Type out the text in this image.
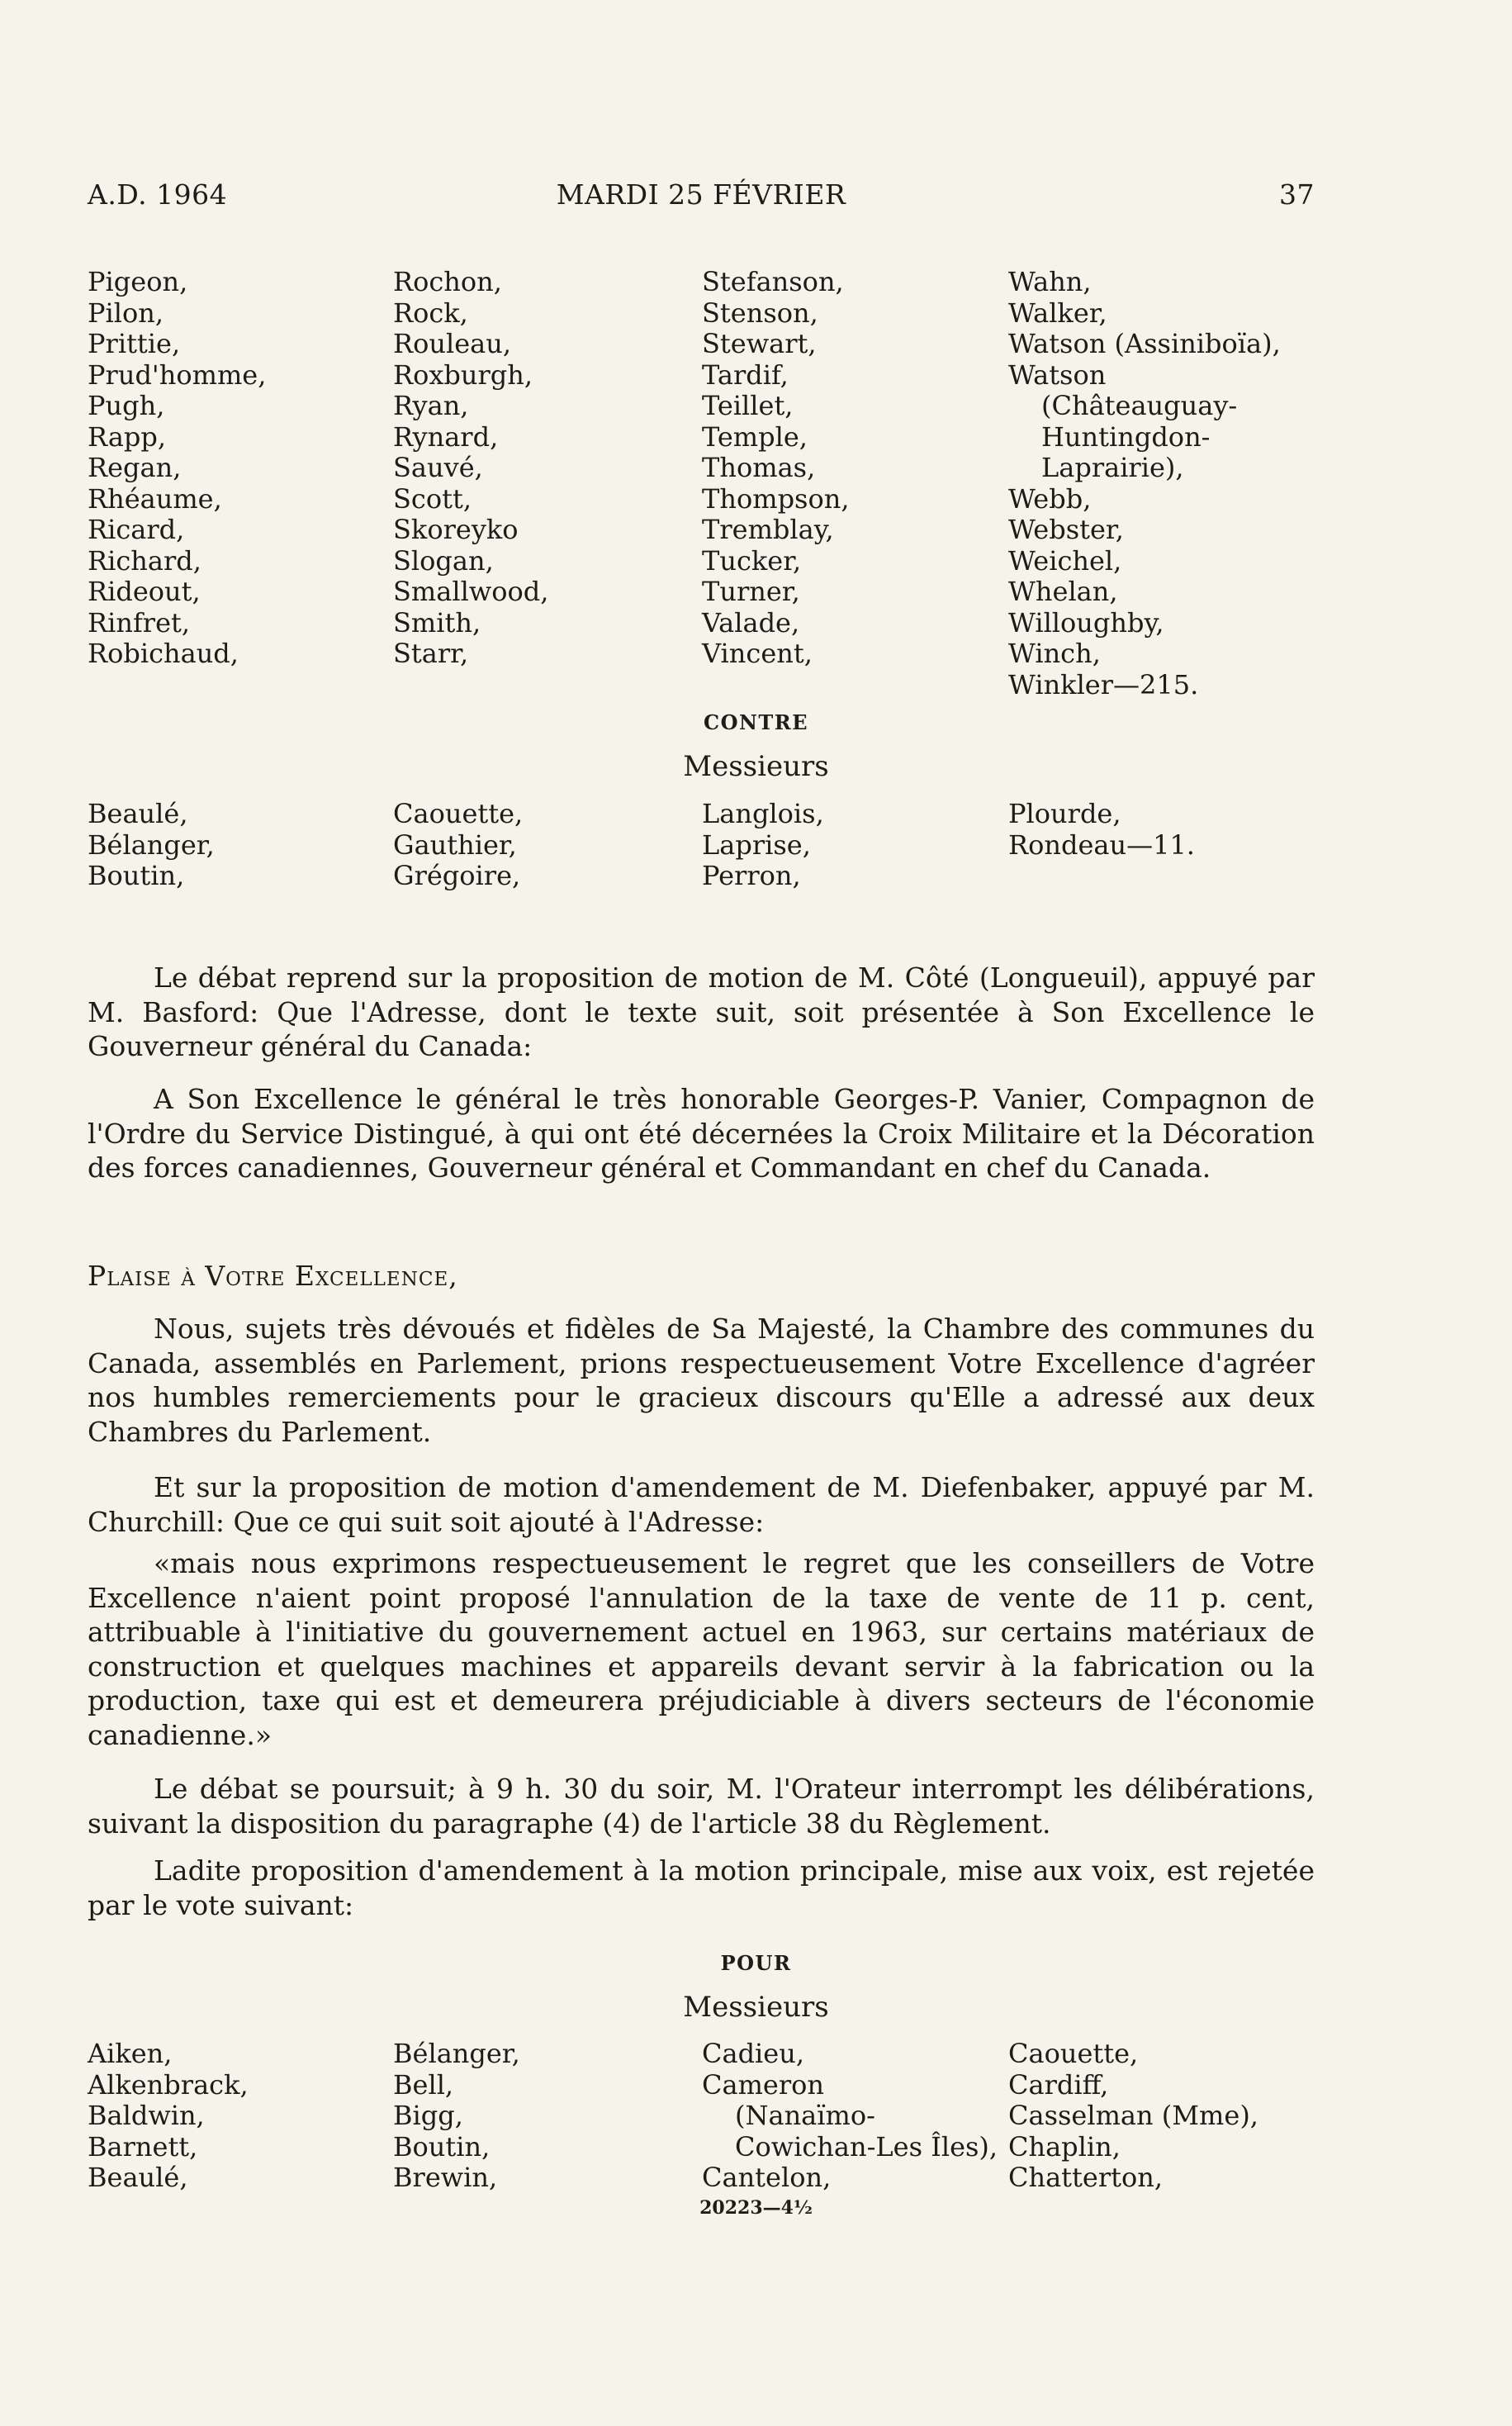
A.D. 1964	MARDI 25 FÉVRIER	37
Pigeon,
Pilon,
Prittie,
Prud'homme,
Pugh,
Rapp,
Regan,
Rhéaume,
Ricard,
Richard,
Rideout,
Rinfret,
Robichaud,
Rochon,
Rock,
Rouleau,
Roxburgh,
Ryan,
Rynard,
Sauvé,
Scott,
Skoreyko
Slogan,
Smallwood,
Smith,
Starr,
Stefanson,
Stenson,
Stewart,
Tardif,
Teillet,
Temple,
Thomas,
Thompson,
Tremblay,
Tucker,
Turner,
Valade,
Vincent,
Wahn,
Walker,
Watson (Assiniboïa),
Watson
(Châteauguay-
Huntingdon-
Laprairie),
Webb,
Webster,
Weichel,
Whelan,
Willoughby,
Winch,
Winkler—215.
CONTRE
Messieurs
Beaulé,
Bélanger,
Boutin,
Caouette,
Gauthier,
Grégoire,
Langlois,
Laprise,
Perron,
Plourde,
Rondeau—11.
Le débat reprend sur la proposition de motion de M. Côté (Longueuil), appuyé par M. Basford: Que l'Adresse, dont le texte suit, soit présentée à Son Excellence le Gouverneur général du Canada:
A Son Excellence le général le très honorable Georges-P. Vanier, Compagnon de l'Ordre du Service Distingué, à qui ont été décernées la Croix Militaire et la Décoration des forces canadiennes, Gouverneur général et Commandant en chef du Canada.
Plaise à Votre Excellence,
Nous, sujets très dévoués et fidèles de Sa Majesté, la Chambre des communes du Canada, assemblés en Parlement, prions respectueusement Votre Excellence d'agréer nos humbles remerciements pour le gracieux discours qu'Elle a adressé aux deux Chambres du Parlement.
Et sur la proposition de motion d'amendement de M. Diefenbaker, appuyé par M. Churchill: Que ce qui suit soit ajouté à l'Adresse:
«mais nous exprimons respectueusement le regret que les conseillers de Votre Excellence n'aient point proposé l'annulation de la taxe de vente de 11 p. cent, attribuable à l'initiative du gouvernement actuel en 1963, sur certains matériaux de construction et quelques machines et appareils devant servir à la fabrication ou la production, taxe qui est et demeurera préjudiciable à divers secteurs de l'économie canadienne.»
Le débat se poursuit; à 9 h. 30 du soir, M. l'Orateur interrompt les délibérations, suivant la disposition du paragraphe (4) de l'article 38 du Règlement.
Ladite proposition d'amendement à la motion principale, mise aux voix, est rejetée par le vote suivant:
POUR
Messieurs
Aiken,
Alkenbrack,
Baldwin,
Barnett,
Beaulé,
Bélanger,
Bell,
Bigg,
Boutin,
Brewin,
Cadieu,
Cameron
(Nanaïmo-
Cowichan-Les Îles),
Cantelon,
Caouette,
Cardiff,
Casselman (Mme),
Chaplin,
Chatterton,
20223—4½
